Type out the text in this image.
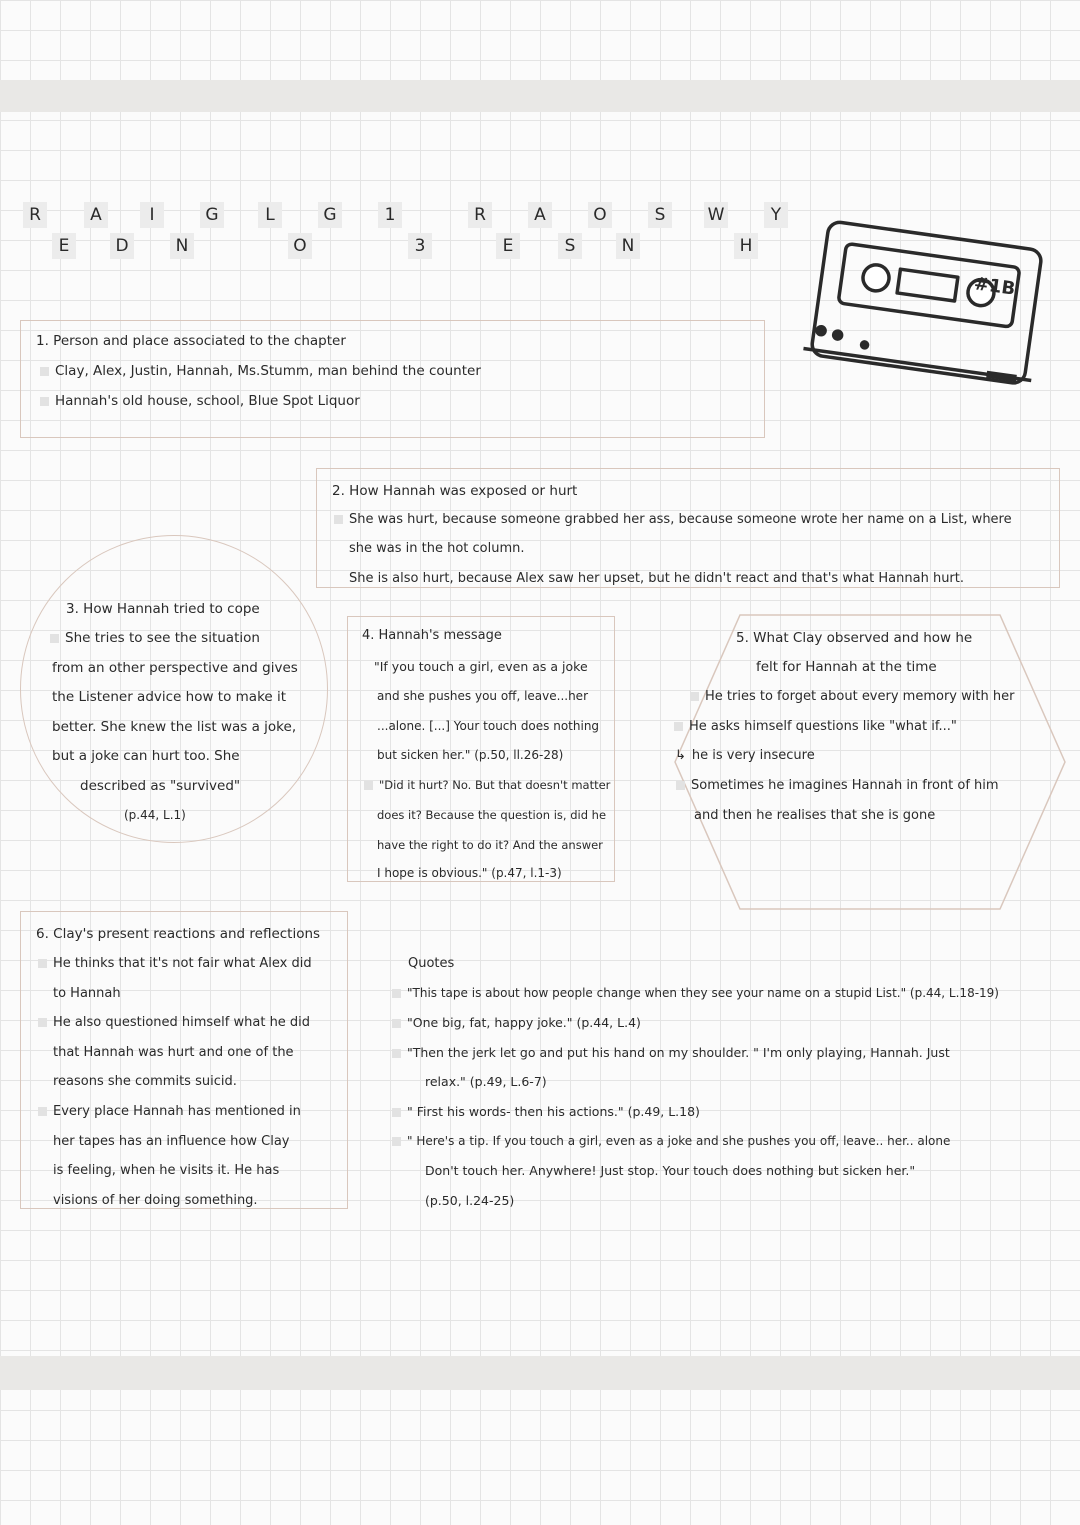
R	A	I	G	L	G	1	R	A	O	S	W	Y
E	D	N	O	3	E	S	N	H
#1B
1. Person and place associated to the chapter
Clay, Alex, Justin, Hannah, Ms.Stumm, man behind the counter
Hannah's old house, school, Blue Spot Liquor
2. How Hannah was exposed or hurt
She was hurt, because someone grabbed her ass, because someone wrote her name on a List, where
she was in the hot column.
She is also hurt, because Alex saw her upset, but he didn't react and that's what Hannah hurt.
3. How Hannah tried to cope
She tries to see the situation
from an other perspective and gives
the Listener advice how to make it
better. She knew the list was a joke,
but a joke can hurt too. She
described as "survived"
(p.44, L.1)
4. Hannah's message
"If you touch a girl, even as a joke
and she pushes you off, leave...her
...alone. [...] Your touch does nothing
but sicken her." (p.50, ll.26-28)
"Did it hurt? No. But that doesn't matter
does it? Because the question is, did he
have the right to do it? And the answer
I hope is obvious." (p.47, l.1-3)
5. What Clay observed and how he
felt for Hannah at the time
He tries to forget about every memory with her
He asks himself questions like "what if..."
↳ he is very insecure
Sometimes he imagines Hannah in front of him
and then he realises that she is gone
6. Clay's present reactions and reflections
He thinks that it's not fair what Alex did
to Hannah
He also questioned himself what he did
that Hannah was hurt and one of the
reasons she commits suicid.
Every place Hannah has mentioned in
her tapes has an influence how Clay
is feeling, when he visits it. He has
visions of her doing something.
Quotes
"This tape is about how people change when they see your name on a stupid List." (p.44, L.18-19)
"One big, fat, happy joke." (p.44, L.4)
"Then the jerk let go and put his hand on my shoulder. " I'm only playing, Hannah. Just
relax." (p.49, L.6-7)
" First his words- then his actions." (p.49, L.18)
" Here's a tip. If you touch a girl, even as a joke and she pushes you off, leave.. her.. alone
Don't touch her. Anywhere! Just stop. Your touch does nothing but sicken her."
(p.50, l.24-25)
